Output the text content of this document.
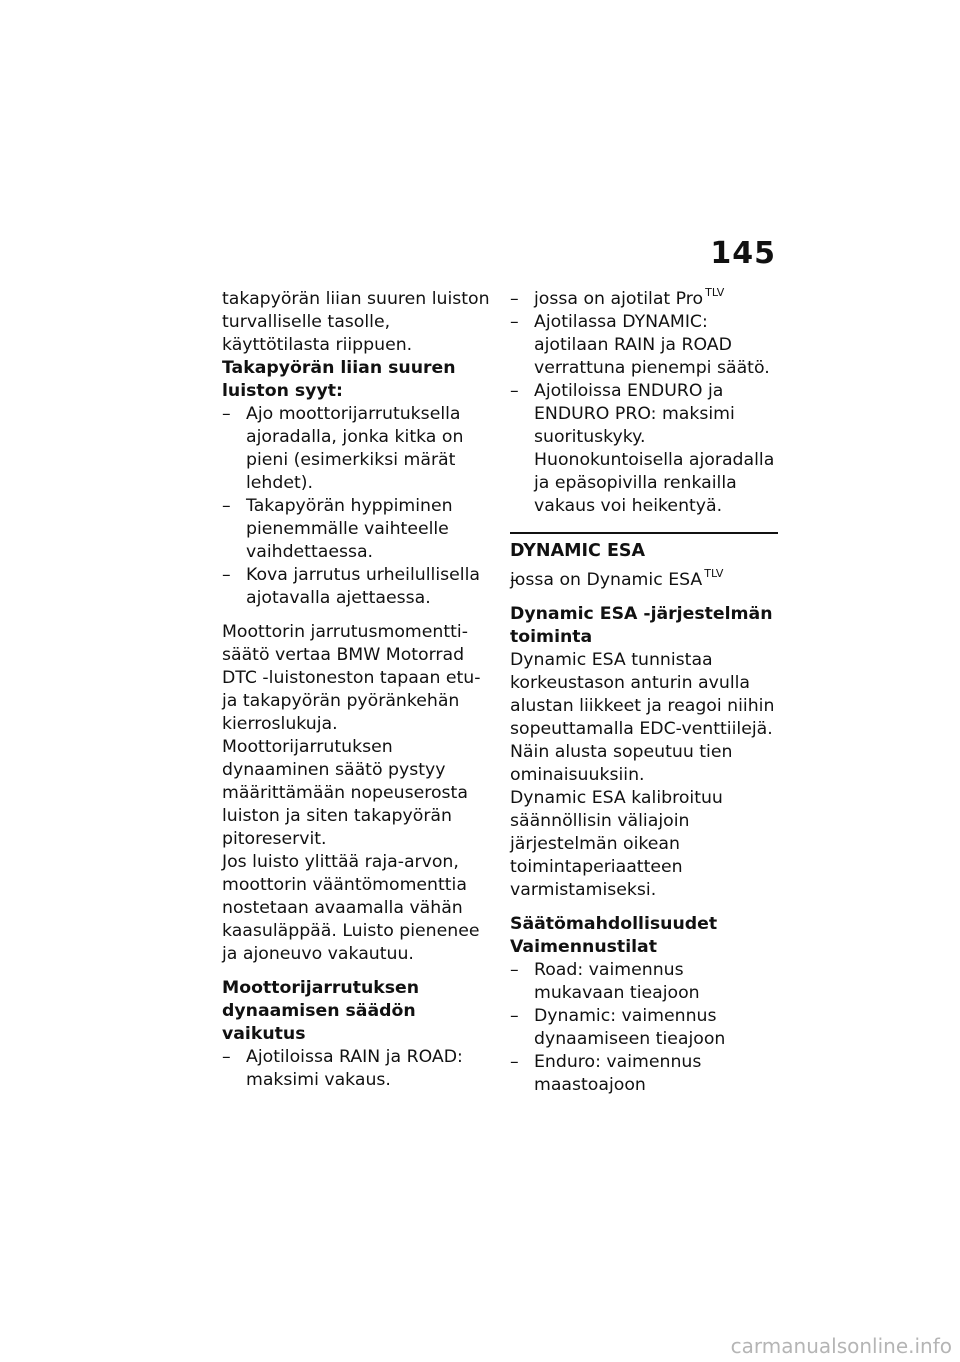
145

takapyörän liian suuren luiston turvalliselle tasolle, käyttötilasta riippuen.

Takapyörän liian suuren luiston syyt:

– Ajo moottorijarrutuksella ajoradalla, jonka kitka on pieni (esimerkiksi märät lehdet).
– Takapyörän hyppiminen pienemmälle vaihteelle vaihdettaessa.
– Kova jarrutus urheilullisella ajotavalla ajettaessa.

Moottorin jarrutusmomentti-säätö vertaa BMW Motorrad DTC -luistoneston tapaan etu- ja takapyörän pyöränkehän kierroslukuja. Moottorijarrutuksen dynaaminen säätö pystyy määrittämään nopeuserosta luiston ja siten takapyörän pitoreservit.

Jos luisto ylittää raja-arvon, moottorin vääntömomenttia nostetaan avaamalla vähän kaasuläppää. Luisto pienenee ja ajoneuvo vakautuu.

Moottorijarrutuksen dynaamisen säädön vaikutus

– Ajotiloissa RAIN ja ROAD: maksimi vakaus.
– jossa on ajotilat Pro $^{TLV}$
– Ajotilassa DYNAMIC: ajotilaan RAIN ja ROAD verrattuna pienempi säätö.
– Ajotiloissa ENDURO ja ENDURO PRO: maksimi suorituskyky. Huonokuntoisella ajoradalla ja epäsopivilla renkailla vakaus voi heikentyä.
DYNAMIC ESA
– jossa on Dynamic ESA $^{TLV}$

Dynamic ESA -järjestelmän toiminta

Dynamic ESA tunnistaa korkeustason anturin avulla alustan liikkeet ja reagoi niihin sopeuttamalla EDC-venttiilejä. Näin alusta sopeutuu tien ominaisuuksiin.

Dynamic ESA kalibroituu säännöllisin väliajoin järjestelmän oikean toimintaperiaatteen varmistamiseksi.

Säätömahdollisuudet

Vaimennustilat

– Road: vaimennus mukavaan tieajoon
– Dynamic: vaimennus dynaamiseen tieajoon
– Enduro: vaimennus maastoajoon
carmanualsonline.info
